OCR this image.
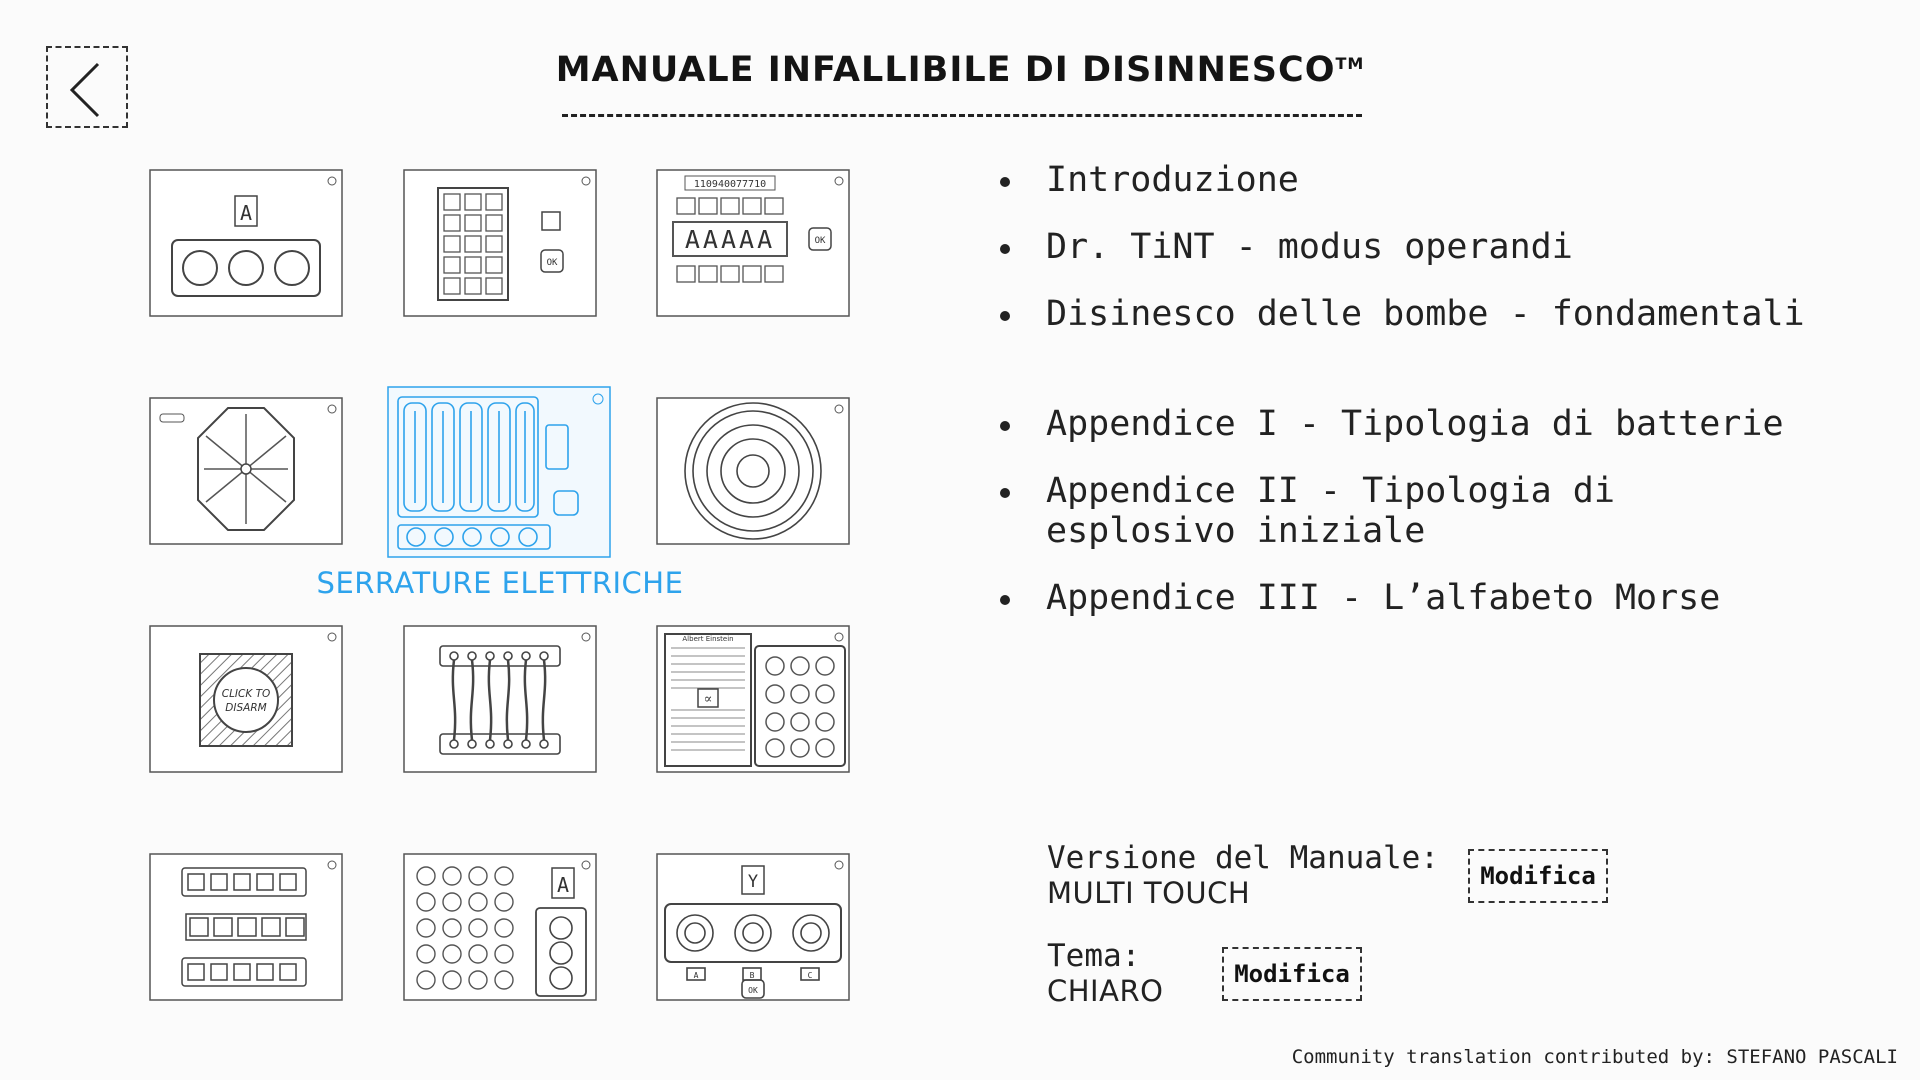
MANUALE INFALLIBILE DI DISINNESCO™
A
OK
110940077710
AAAAA	OK
SERRATURE ELETTRICHE
CLICK TO
DISARM
Albert Einstein
∝
A	Y
A	B	C
OK
Introduzione
Dr. TiNT - modus operandi
Disinesco delle bombe - fondamentali
Appendice I - Tipologia di batterie
Appendice II - Tipologia di esplosivo iniziale
Appendice III - L’alfabeto Morse
Versione del Manuale:
MULTI TOUCH	Modifica
Tema:
CHIARO	Modifica
Community translation contributed by: STEFANO PASCALI
